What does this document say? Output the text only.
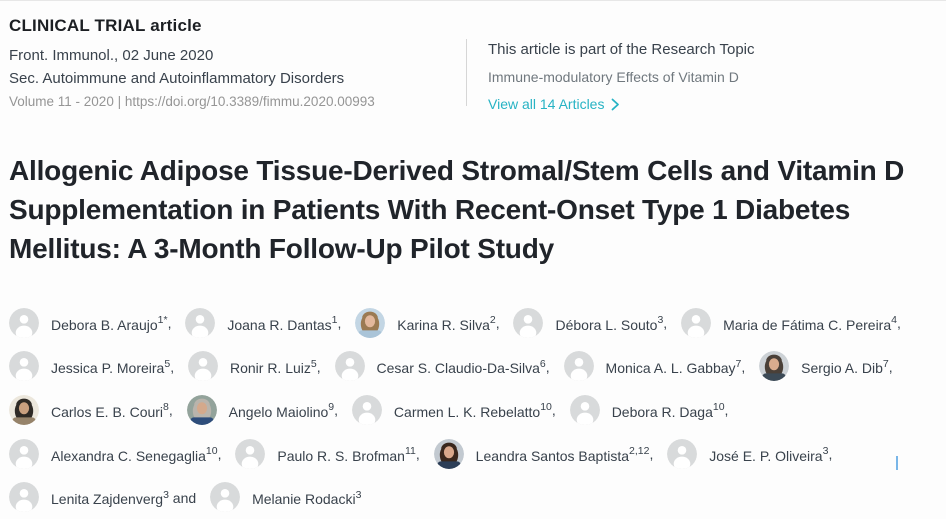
CLINICAL TRIAL article
Front. Immunol., 02 June 2020
Sec. Autoimmune and Autoinflammatory Disorders
Volume 11 - 2020 | https://doi.org/10.3389/fimmu.2020.00993
This article is part of the Research Topic
Immune-modulatory Effects of Vitamin D
View all 14 Articles
Allogenic Adipose Tissue-Derived Stromal/Stem Cells and Vitamin D Supplementation in Patients With Recent-Onset Type 1 Diabetes Mellitus: A 3-Month Follow-Up Pilot Study
Debora B. Araujo$^{1*}$,	Joana R. Dantas$^1$,	Karina R. Silva$^2$,	Débora L. Souto$^3$,	Maria de Fátima C. Pereira$^4$,
Jessica P. Moreira$^5$,	Ronir R. Luiz$^5$,	Cesar S. Claudio-Da-Silva$^6$,	Monica A. L. Gabbay$^7$,	Sergio A. Dib$^7$,
Carlos E. B. Couri$^8$,	Angelo Maiolino$^9$,	Carmen L. K. Rebelatto$^{10}$,	Debora R. Daga$^{10}$,
Alexandra C. Senegaglia$^{10}$,	Paulo R. S. Brofman$^{11}$,	Leandra Santos Baptista$^{2,12}$,	José E. P. Oliveira$^3$,
Lenita Zajdenverg$^3$ and	Melanie Rodacki$^3$
